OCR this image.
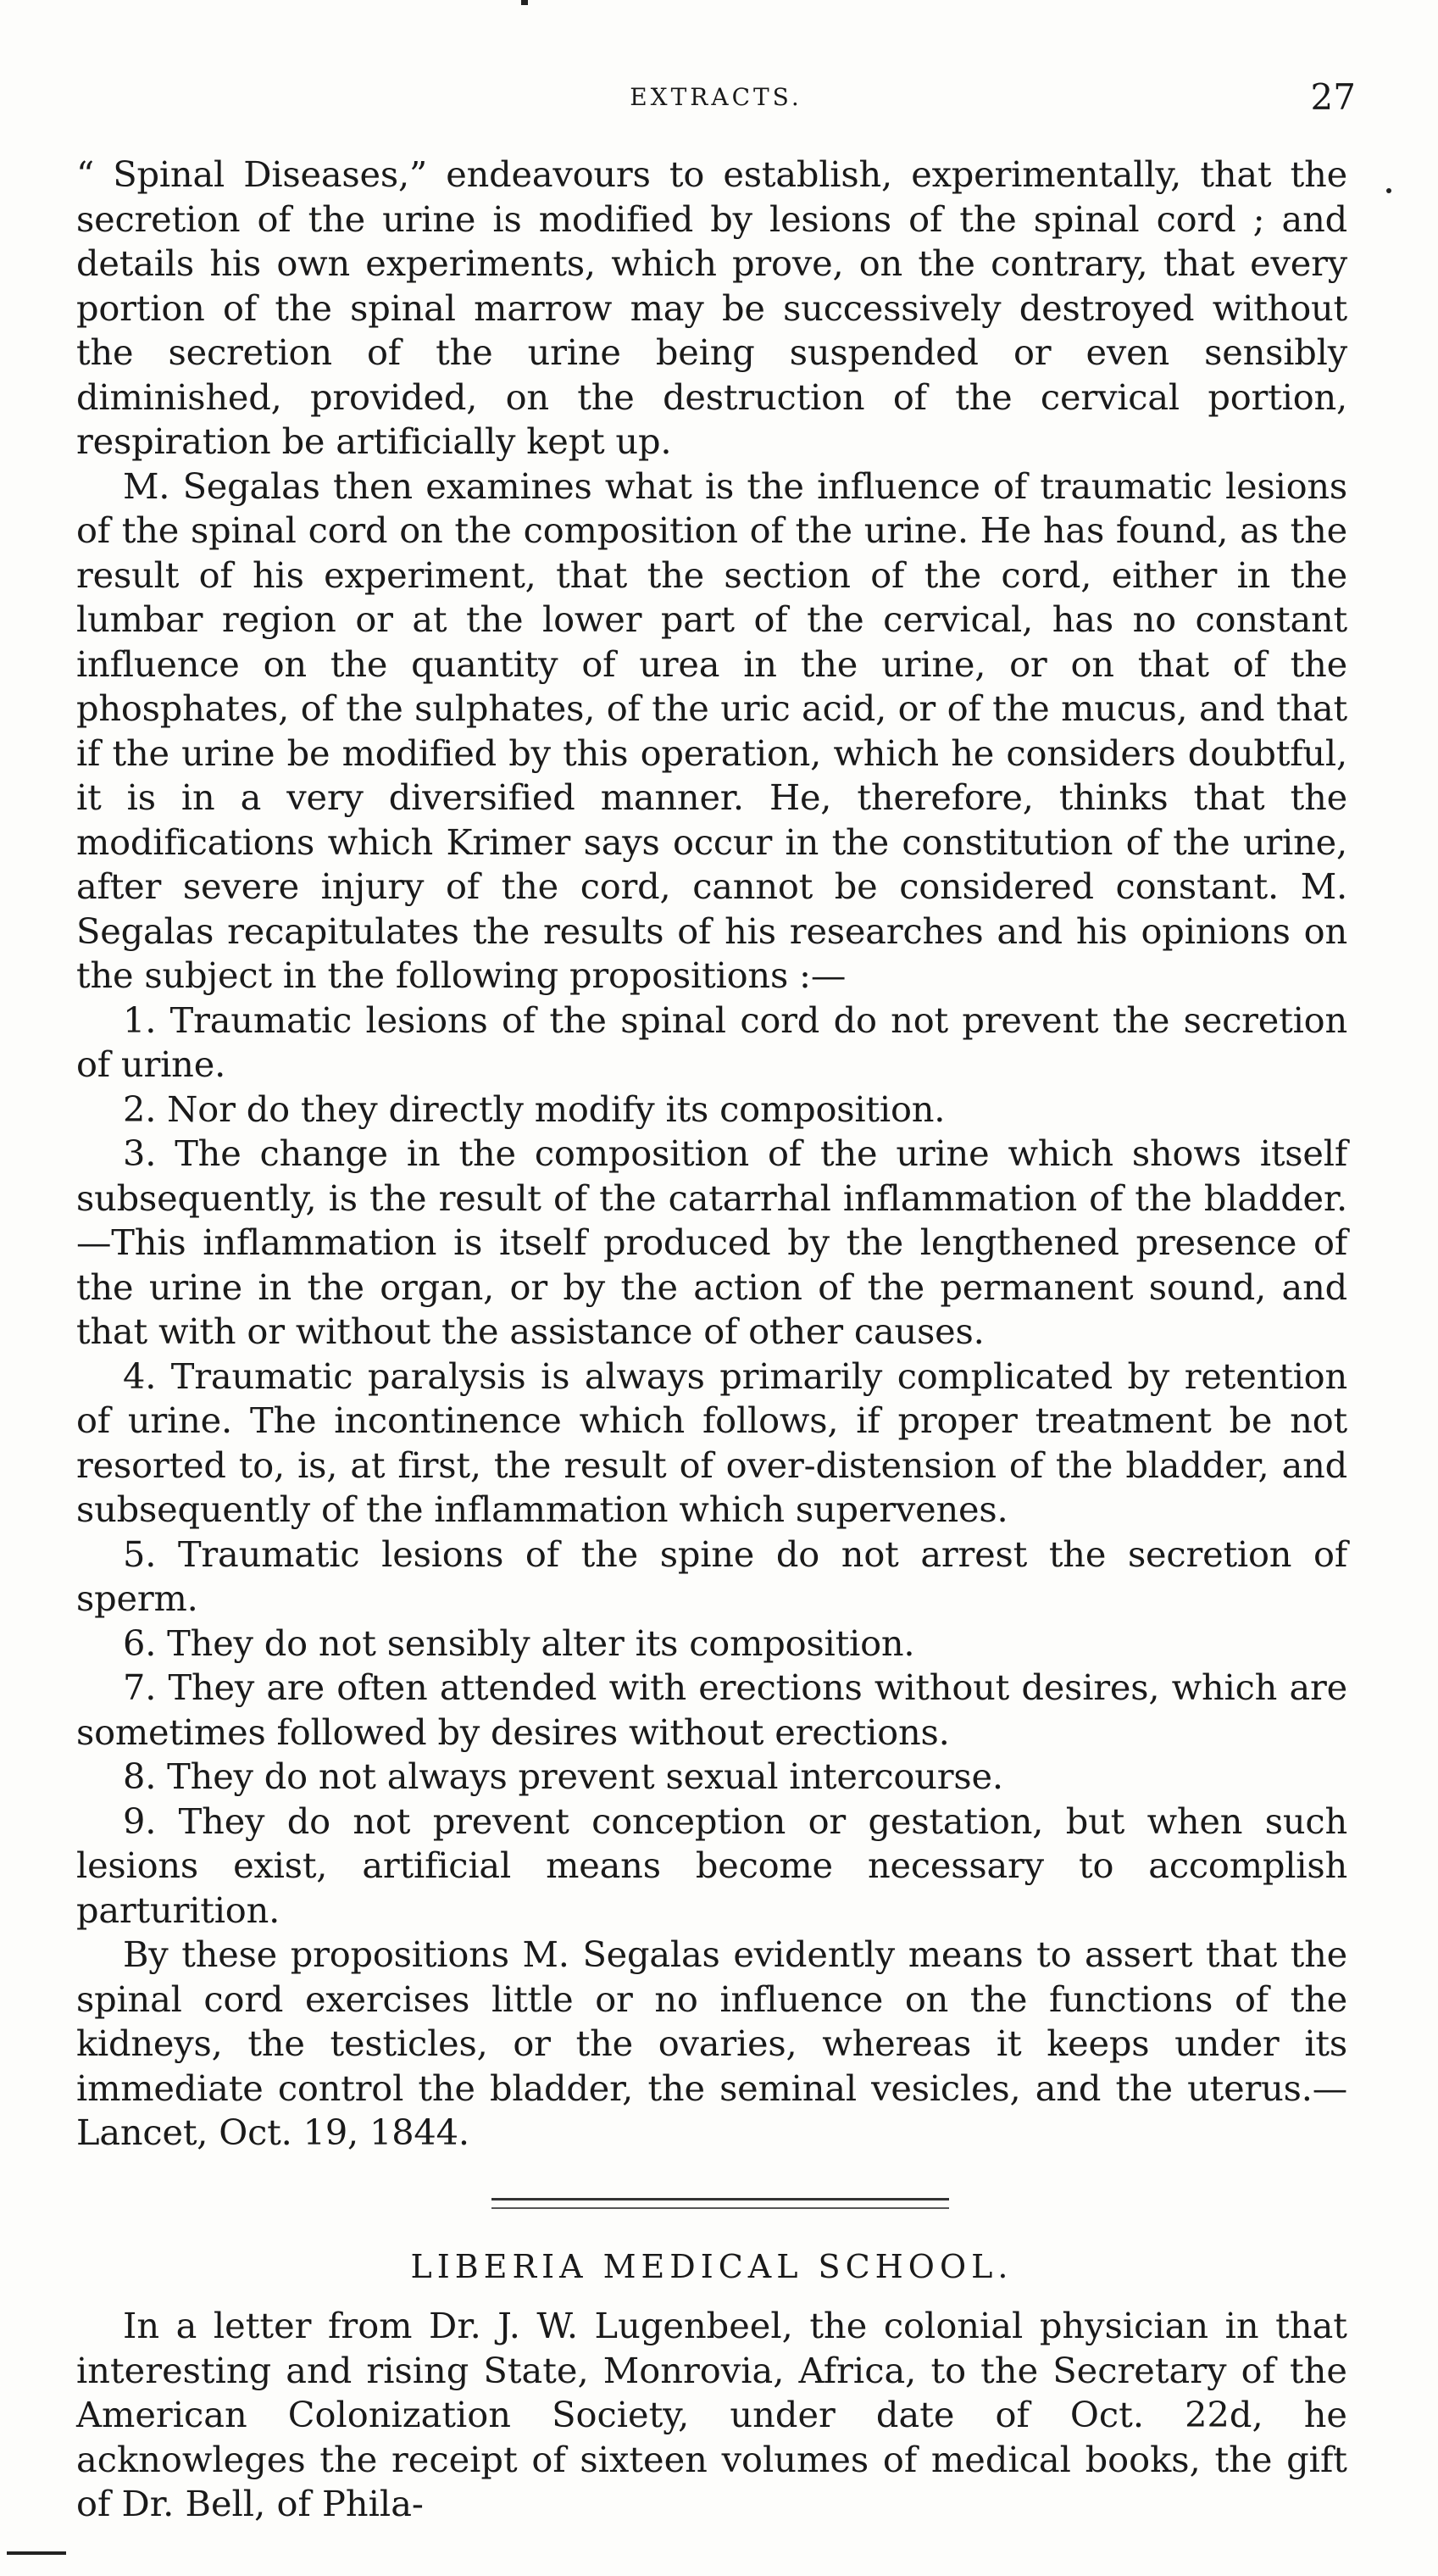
EXTRACTS.	27

“ Spinal Diseases,” endeavours to establish, experimentally, that the secretion of the urine is modified by lesions of the spinal cord ; and details his own experiments, which prove, on the contrary, that every portion of the spinal marrow may be successively destroyed without the secretion of the urine being suspended or even sensibly diminished, provided, on the destruction of the cervical portion, respiration be artificially kept up.

M. Segalas then examines what is the influence of traumatic lesions of the spinal cord on the composition of the urine. He has found, as the result of his experiment, that the section of the cord, either in the lumbar region or at the lower part of the cervical, has no constant influence on the quantity of urea in the urine, or on that of the phosphates, of the sulphates, of the uric acid, or of the mucus, and that if the urine be modified by this operation, which he considers doubtful, it is in a very diversified manner. He, therefore, thinks that the modifications which Krimer says occur in the constitution of the urine, after severe injury of the cord, cannot be considered constant. M. Segalas recapitulates the results of his researches and his opinions on the subject in the following propositions :—

1. Traumatic lesions of the spinal cord do not prevent the secretion of urine.

2. Nor do they directly modify its composition.

3. The change in the composition of the urine which shows itself subsequently, is the result of the catarrhal inflammation of the bladder.—This inflammation is itself produced by the lengthened presence of the urine in the organ, or by the action of the permanent sound, and that with or without the assistance of other causes.

4. Traumatic paralysis is always primarily complicated by retention of urine. The incontinence which follows, if proper treatment be not resorted to, is, at first, the result of over-distension of the bladder, and subsequently of the inflammation which supervenes.

5. Traumatic lesions of the spine do not arrest the secretion of sperm.

6. They do not sensibly alter its composition.

7. They are often attended with erections without desires, which are sometimes followed by desires without erections.

8. They do not always prevent sexual intercourse.

9. They do not prevent conception or gestation, but when such lesions exist, artificial means become necessary to accomplish parturition.

By these propositions M. Segalas evidently means to assert that the spinal cord exercises little or no influence on the functions of the kidneys, the testicles, or the ovaries, whereas it keeps under its immediate control the bladder, the seminal vesicles, and the uterus.—Lancet, Oct. 19, 1844.

LIBERIA MEDICAL SCHOOL.

In a letter from Dr. J. W. Lugenbeel, the colonial physician in that interesting and rising State, Monrovia, Africa, to the Secretary of the American Colonization Society, under date of Oct. 22d, he acknowleges the receipt of sixteen volumes of medical books, the gift of Dr. Bell, of Phila-
